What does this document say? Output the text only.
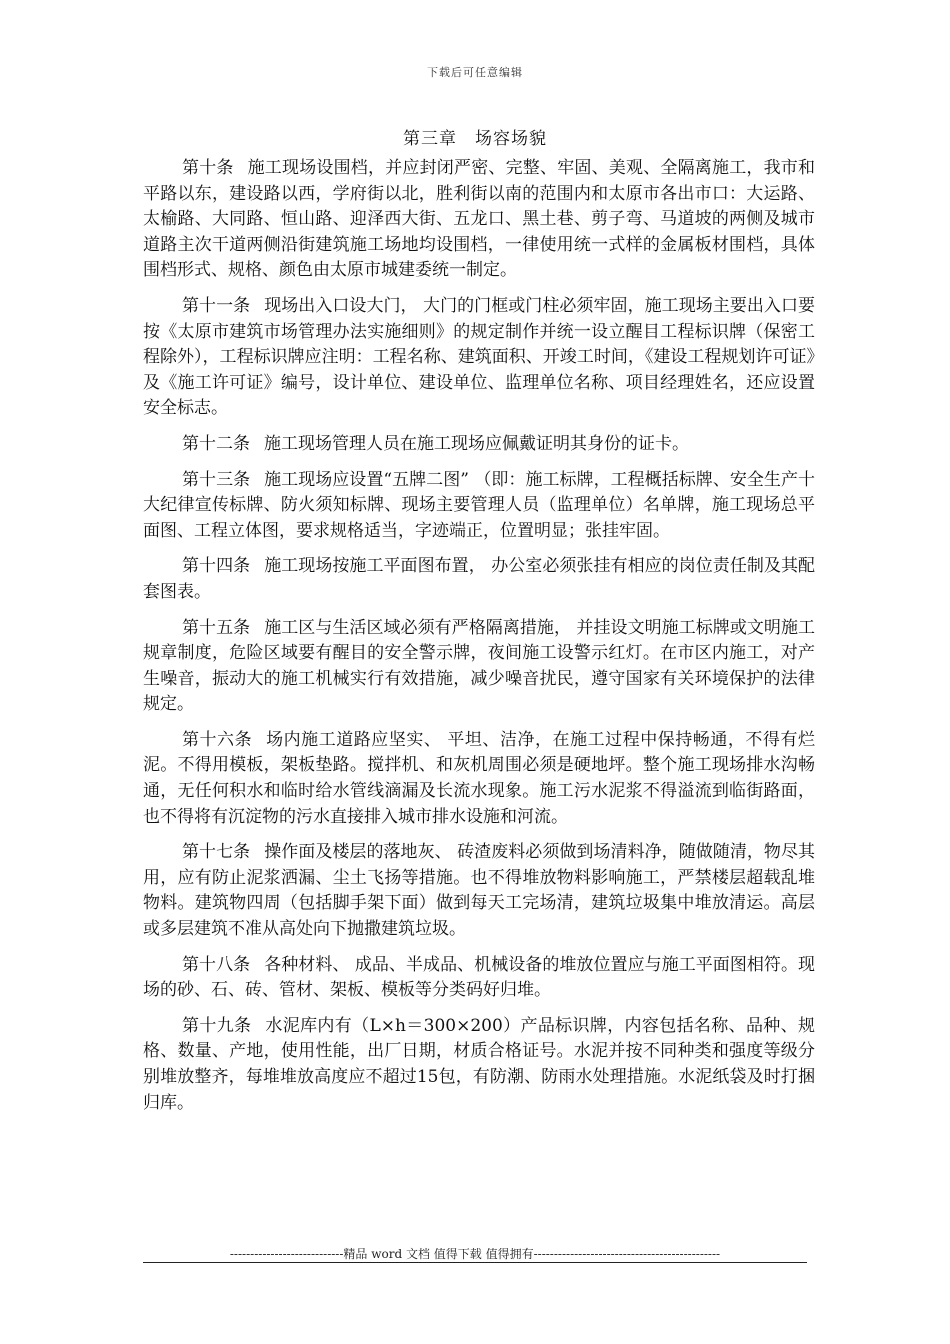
下载后可任意编辑
第三章　场容场貌

第十条 施工现场设围档，并应封闭严密、完整、牢固、美观、全隔离施工，我市和平路以东，建设路以西，学府街以北，胜利街以南的范围内和太原市各出市口：大运路、太榆路、大同路、恒山路、迎泽西大街、五龙口、黑土巷、剪子弯、马道坡的两侧及城市道路主次干道两侧沿街建筑施工场地均设围档，一律使用统一式样的金属板材围档，具体围档形式、规格、颜色由太原市城建委统一制定。

第十一条 现场出入口设大门， 大门的门框或门柱必须牢固，施工现场主要出入口要按《太原市建筑市场管理办法实施细则》的规定制作并统一设立醒目工程标识牌（保密工程除外），工程标识牌应注明：工程名称、建筑面积、开竣工时间，《建设工程规划许可证》及《施工许可证》编号，设计单位、建设单位、监理单位名称、项目经理姓名，还应设置安全标志。

第十二条 施工现场管理人员在施工现场应佩戴证明其身份的证卡。

第十三条 施工现场应设置“五牌二图” （即：施工标牌，工程概括标牌、安全生产十大纪律宣传标牌、防火须知标牌、现场主要管理人员（监理单位）名单牌，施工现场总平面图、工程立体图，要求规格适当，字迹端正，位置明显；张挂牢固。

第十四条 施工现场按施工平面图布置， 办公室必须张挂有相应的岗位责任制及其配套图表。

第十五条 施工区与生活区域必须有严格隔离措施， 并挂设文明施工标牌或文明施工规章制度，危险区域要有醒目的安全警示牌，夜间施工设警示红灯。在市区内施工，对产生噪音，振动大的施工机械实行有效措施，减少噪音扰民，遵守国家有关环境保护的法律规定。

第十六条 场内施工道路应坚实、 平坦、洁净，在施工过程中保持畅通，不得有烂泥。不得用模板，架板垫路。搅拌机、和灰机周围必须是硬地坪。整个施工现场排水沟畅通，无任何积水和临时给水管线滴漏及长流水现象。施工污水泥浆不得溢流到临街路面，也不得将有沉淀物的污水直接排入城市排水设施和河流。

第十七条 操作面及楼层的落地灰、 砖渣废料必须做到场清料净，随做随清，物尽其用，应有防止泥浆洒漏、尘土飞扬等措施。也不得堆放物料影响施工，严禁楼层超载乱堆物料。建筑物四周（包括脚手架下面）做到每天工完场清，建筑垃圾集中堆放清运。高层或多层建筑不准从高处向下抛撒建筑垃圾。

第十八条 各种材料、 成品、半成品、机械设备的堆放位置应与施工平面图相符。现场的砂、石、砖、管材、架板、模板等分类码好归堆。

第十九条 水泥库内有（L×h＝300×200）产品标识牌，内容包括名称、品种、规格、数量、产地，使用性能，出厂日期，材质合格证号。水泥并按不同种类和强度等级分别堆放整齐，每堆堆放高度应不超过15包，有防潮、防雨水处理措施。水泥纸袋及时打捆归库。

----------------------------精品 word 文档 值得下载 值得拥有----------------------------------------------
